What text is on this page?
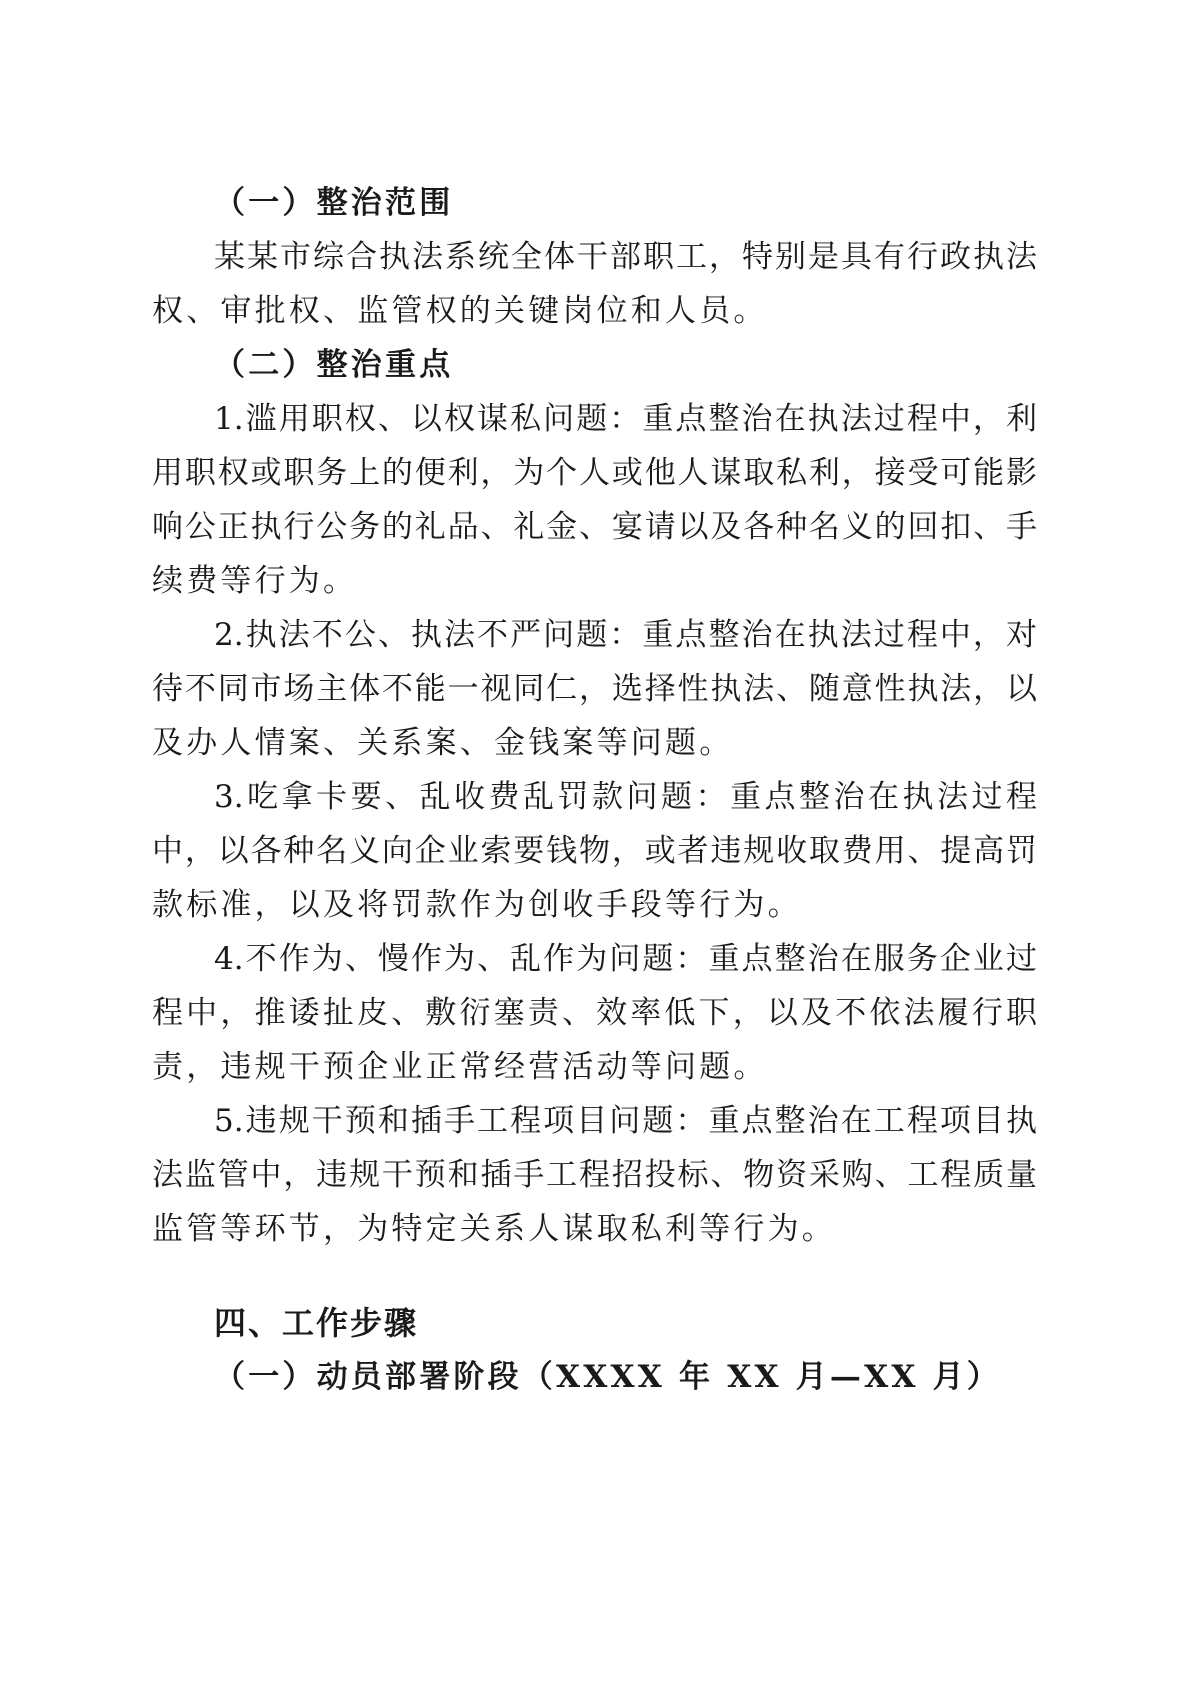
（一）整治范围
某某市综合执法系统全体干部职工，特别是具有行政执法
权、审批权、监管权的关键岗位和人员。
（二）整治重点
1.滥用职权、以权谋私问题：重点整治在执法过程中，利
用职权或职务上的便利，为个人或他人谋取私利，接受可能影
响公正执行公务的礼品、礼金、宴请以及各种名义的回扣、手
续费等行为。
2.执法不公、执法不严问题：重点整治在执法过程中，对
待不同市场主体不能一视同仁，选择性执法、随意性执法，以
及办人情案、关系案、金钱案等问题。
3.吃拿卡要、乱收费乱罚款问题：重点整治在执法过程
中，以各种名义向企业索要钱物，或者违规收取费用、提高罚
款标准，以及将罚款作为创收手段等行为。
4.不作为、慢作为、乱作为问题：重点整治在服务企业过
程中，推诿扯皮、敷衍塞责、效率低下，以及不依法履行职
责，违规干预企业正常经营活动等问题。
5.违规干预和插手工程项目问题：重点整治在工程项目执
法监管中，违规干预和插手工程招投标、物资采购、工程质量
监管等环节，为特定关系人谋取私利等行为。
四、工作步骤
（一）动员部署阶段（XXXX 年 XX 月—XX 月）
